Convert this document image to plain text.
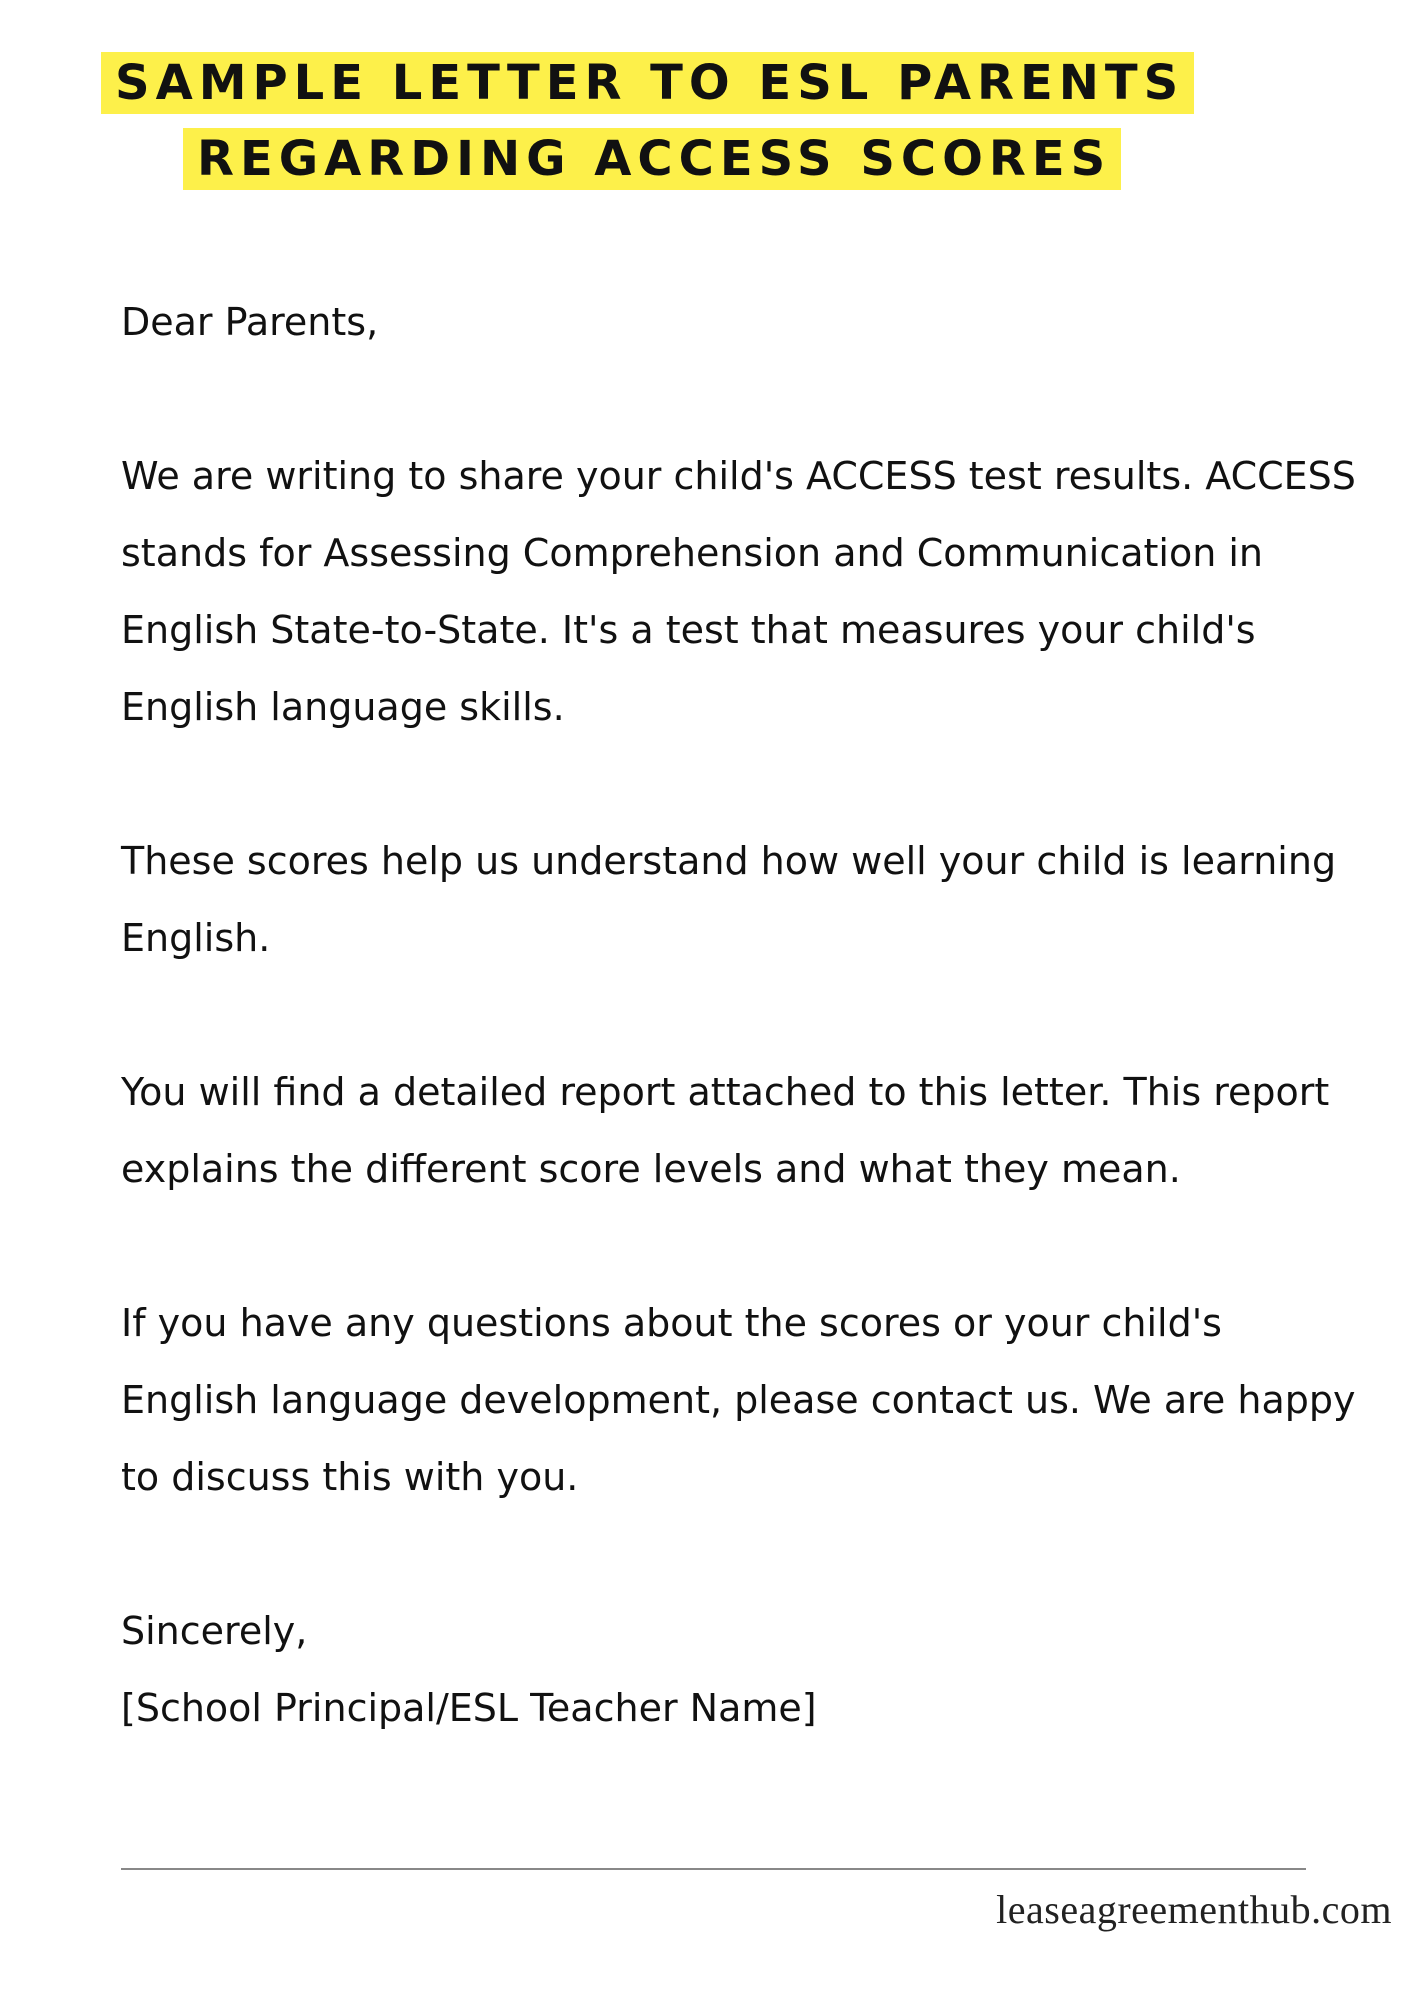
SAMPLE LETTER TO ESL PARENTS
REGARDING ACCESS SCORES

Dear Parents,

We are writing to share your child's ACCESS test results. ACCESS stands for Assessing Comprehension and Communication in English State-to-State. It's a test that measures your child's English language skills.

These scores help us understand how well your child is learning English.

You will find a detailed report attached to this letter. This report explains the different score levels and what they mean.

If you have any questions about the scores or your child's English language development, please contact us. We are happy to discuss this with you.

Sincerely,
[School Principal/ESL Teacher Name]
leaseagreementhub.com
